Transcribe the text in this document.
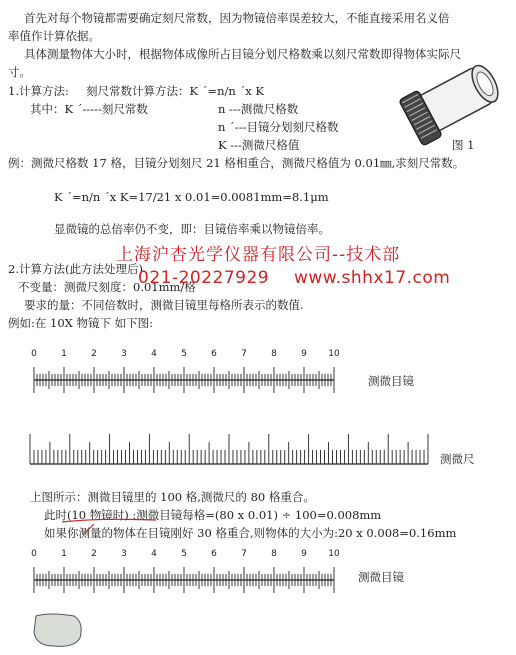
首先对每个物镜都需要确定刻尺常数，因为物镜倍率误差较大，不能直接采用名义倍
率值作计算依据。
具体测量物体大小时，根据物体成像所占目镜分划尺格数乘以刻尺常数即得物体实际尺
寸。
1.计算方法: 刻尺常数计算方法：K ´=n/n ´x K
其中：K ´-----刻尺常数	n ---测微尺格数
n ´---目镜分划刻尺格数
K ---测微尺格值	图 1
例：测微尺格数 17 格，目镜分划刻尺 21 格相重合，测微尺格值为 0.01㎜,求刻尺常数。
K ´=n/n ´x K=17/21 x 0.01=0.0081mm=8.1μm
显微镜的总倍率仍不变，即：目镜倍率乘以物镜倍率。
2.计算方法(此方法处理后)
不变量：测微尺刻度：0.01mm/格
要求的量：不同倍数时，测微目镜里每格所表示的数值.
例如:在 10X 物镜下 如下图:
上海沪杏光学仪器有限公司--技术部
021-20227929 www.shhx17.com
0	1	2	3	4	5	6	7	8	9 10
测微目镜
测微尺
上图所示：测微目镜里的 100 格,测微尺的 80 格重合。
此时(10 物镜时) :测微目镜每格=(80 x 0.01) ÷ 100=0.008mm
如果你测量的物体在目镜刚好 30 格重合,则物体的大小为:20 x 0.008=0.16mm
0	1	2	3	4	5	6	7	8	9 10
测微目镜
